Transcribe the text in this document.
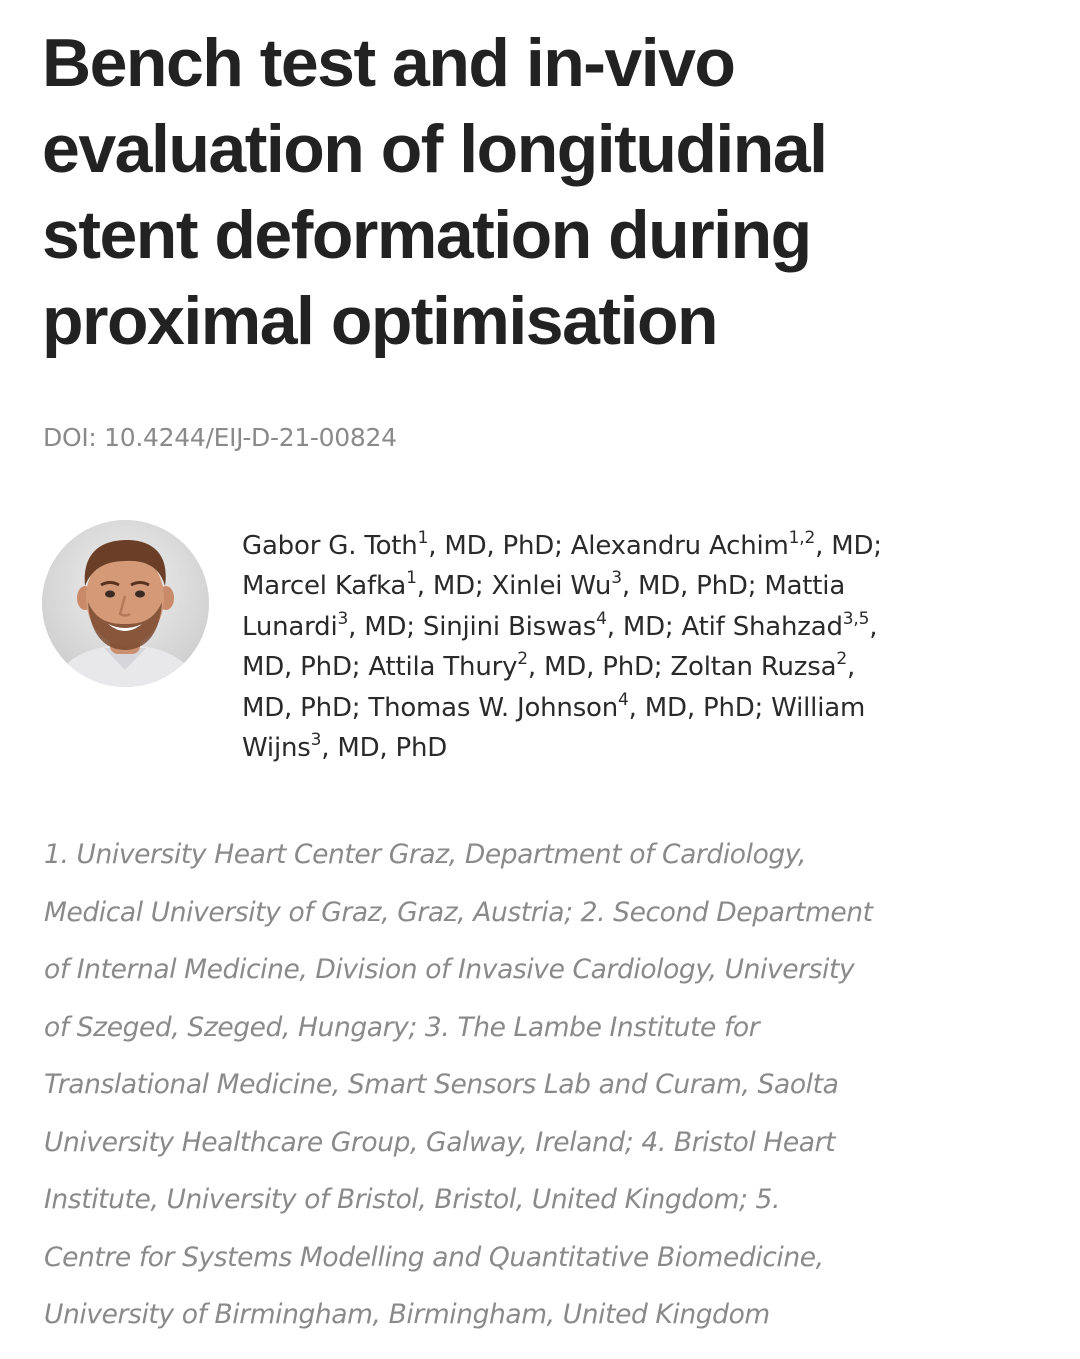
Bench test and in-vivo
evaluation of longitudinal
stent deformation during
proximal optimisation
DOI: 10.4244/EIJ-D-21-00824

Gabor G. Toth$^1$, MD, PhD; Alexandru Achim$^{1,2}$, MD;
Marcel Kafka$^1$, MD; Xinlei Wu$^3$, MD, PhD; Mattia
Lunardi$^3$, MD; Sinjini Biswas$^4$, MD; Atif Shahzad$^{3,5}$,
MD, PhD; Attila Thury$^2$, MD, PhD; Zoltan Ruzsa$^2$,
MD, PhD; Thomas W. Johnson$^4$, MD, PhD; William
Wijns$^3$, MD, PhD

1. University Heart Center Graz, Department of Cardiology,
Medical University of Graz, Graz, Austria; 2. Second Department
of Internal Medicine, Division of Invasive Cardiology, University
of Szeged, Szeged, Hungary; 3. The Lambe Institute for
Translational Medicine, Smart Sensors Lab and Curam, Saolta
University Healthcare Group, Galway, Ireland; 4. Bristol Heart
Institute, University of Bristol, Bristol, United Kingdom; 5.
Centre for Systems Modelling and Quantitative Biomedicine,
University of Birmingham, Birmingham, United Kingdom
